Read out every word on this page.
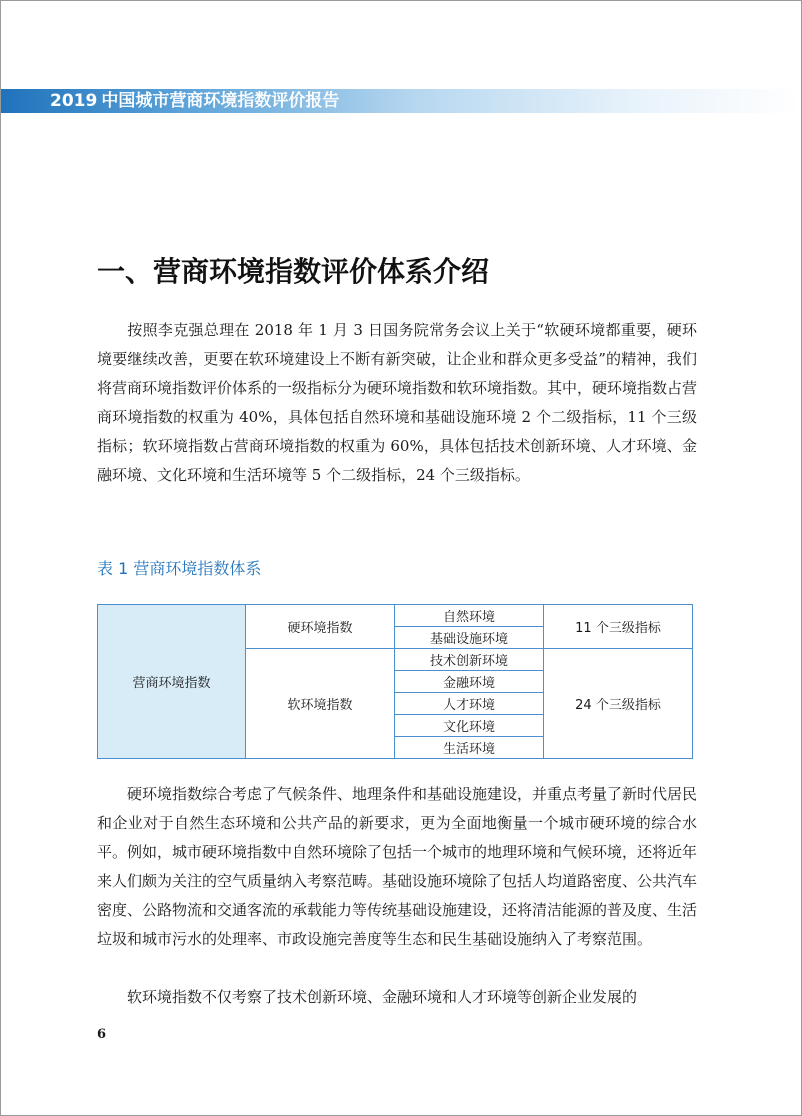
2019 中国城市营商环境指数评价报告
一、营商环境指数评价体系介绍

按照李克强总理在 2018 年 1 月 3 日国务院常务会议上关于“软硬环境都重要，硬环境要继续改善，更要在软环境建设上不断有新突破，让企业和群众更多受益”的精神，我们将营商环境指数评价体系的一级指标分为硬环境指数和软环境指数。其中，硬环境指数占营商环境指数的权重为 40%，具体包括自然环境和基础设施环境 2 个二级指标，11 个三级指标；软环境指数占营商环境指数的权重为 60%，具体包括技术创新环境、人才环境、金融环境、文化环境和生活环境等 5 个二级指标，24 个三级指标。

表 1 营商环境指数体系
营商环境指数	硬环境指数	自然环境	11 个三级指标
		基础设施环境	
	软环境指数	技术创新环境	24 个三级指标
		金融环境	
		人才环境	
		文化环境	
		生活环境	

硬环境指数综合考虑了气候条件、地理条件和基础设施建设，并重点考量了新时代居民和企业对于自然生态环境和公共产品的新要求，更为全面地衡量一个城市硬环境的综合水平。例如，城市硬环境指数中自然环境除了包括一个城市的地理环境和气候环境，还将近年来人们颇为关注的空气质量纳入考察范畴。基础设施环境除了包括人均道路密度、公共汽车密度、公路物流和交通客流的承载能力等传统基础设施建设，还将清洁能源的普及度、生活垃圾和城市污水的处理率、市政设施完善度等生态和民生基础设施纳入了考察范围。

软环境指数不仅考察了技术创新环境、金融环境和人才环境等创新企业发展的

6
